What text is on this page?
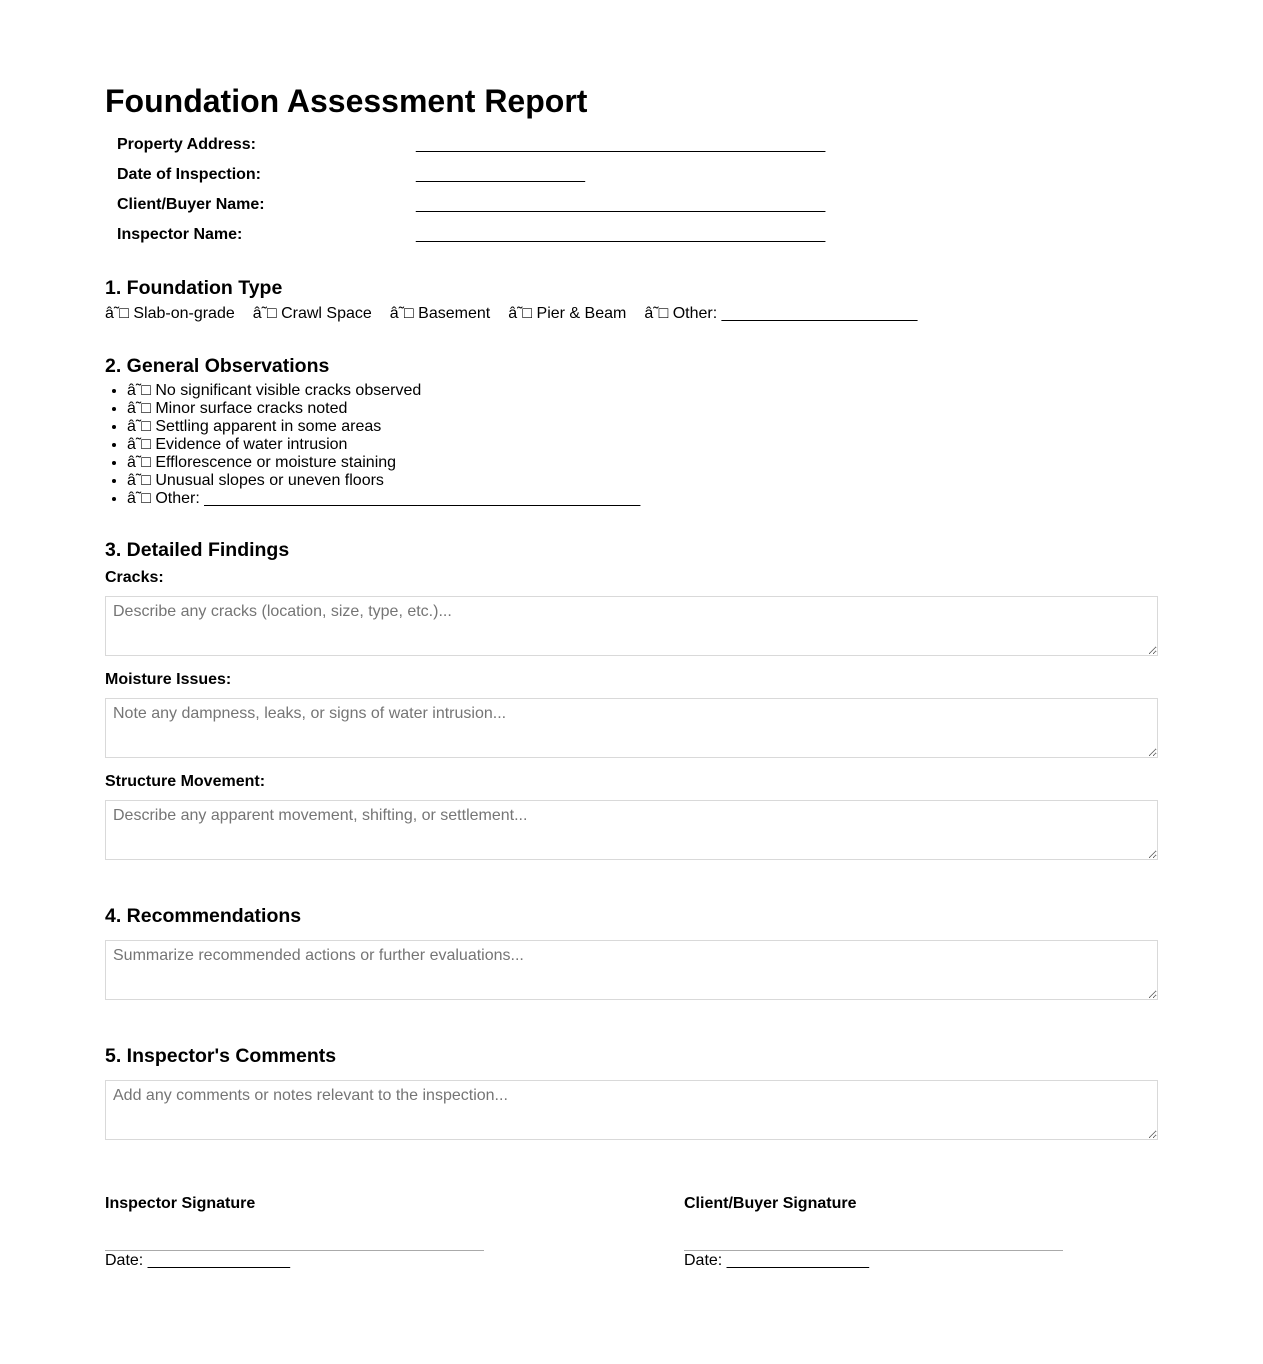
Foundation Assessment Report
Property Address:	______________________________________________
Date of Inspection:	___________________
Client/Buyer Name:	______________________________________________
Inspector Name:	______________________________________________
1. Foundation Type
â˜□ Slab-on-grade â˜□ Crawl Space â˜□ Basement â˜□ Pier & Beam â˜□ Other: ______________________
2. General Observations
• â˜□ No significant visible cracks observed
• â˜□ Minor surface cracks noted
• â˜□ Settling apparent in some areas
• â˜□ Evidence of water intrusion
• â˜□ Efflorescence or moisture staining
• â˜□ Unusual slopes or uneven floors
• â˜□ Other: _________________________________________________
3. Detailed Findings
Cracks:
Describe any cracks (location, size, type, etc.)...
Moisture Issues:
Note any dampness, leaks, or signs of water intrusion...
Structure Movement:
Describe any apparent movement, shifting, or settlement...
4. Recommendations
Summarize recommended actions or further evaluations...
5. Inspector's Comments
Add any comments or notes relevant to the inspection...
Inspector Signature
Date: ________________
Client/Buyer Signature
Date: ________________
